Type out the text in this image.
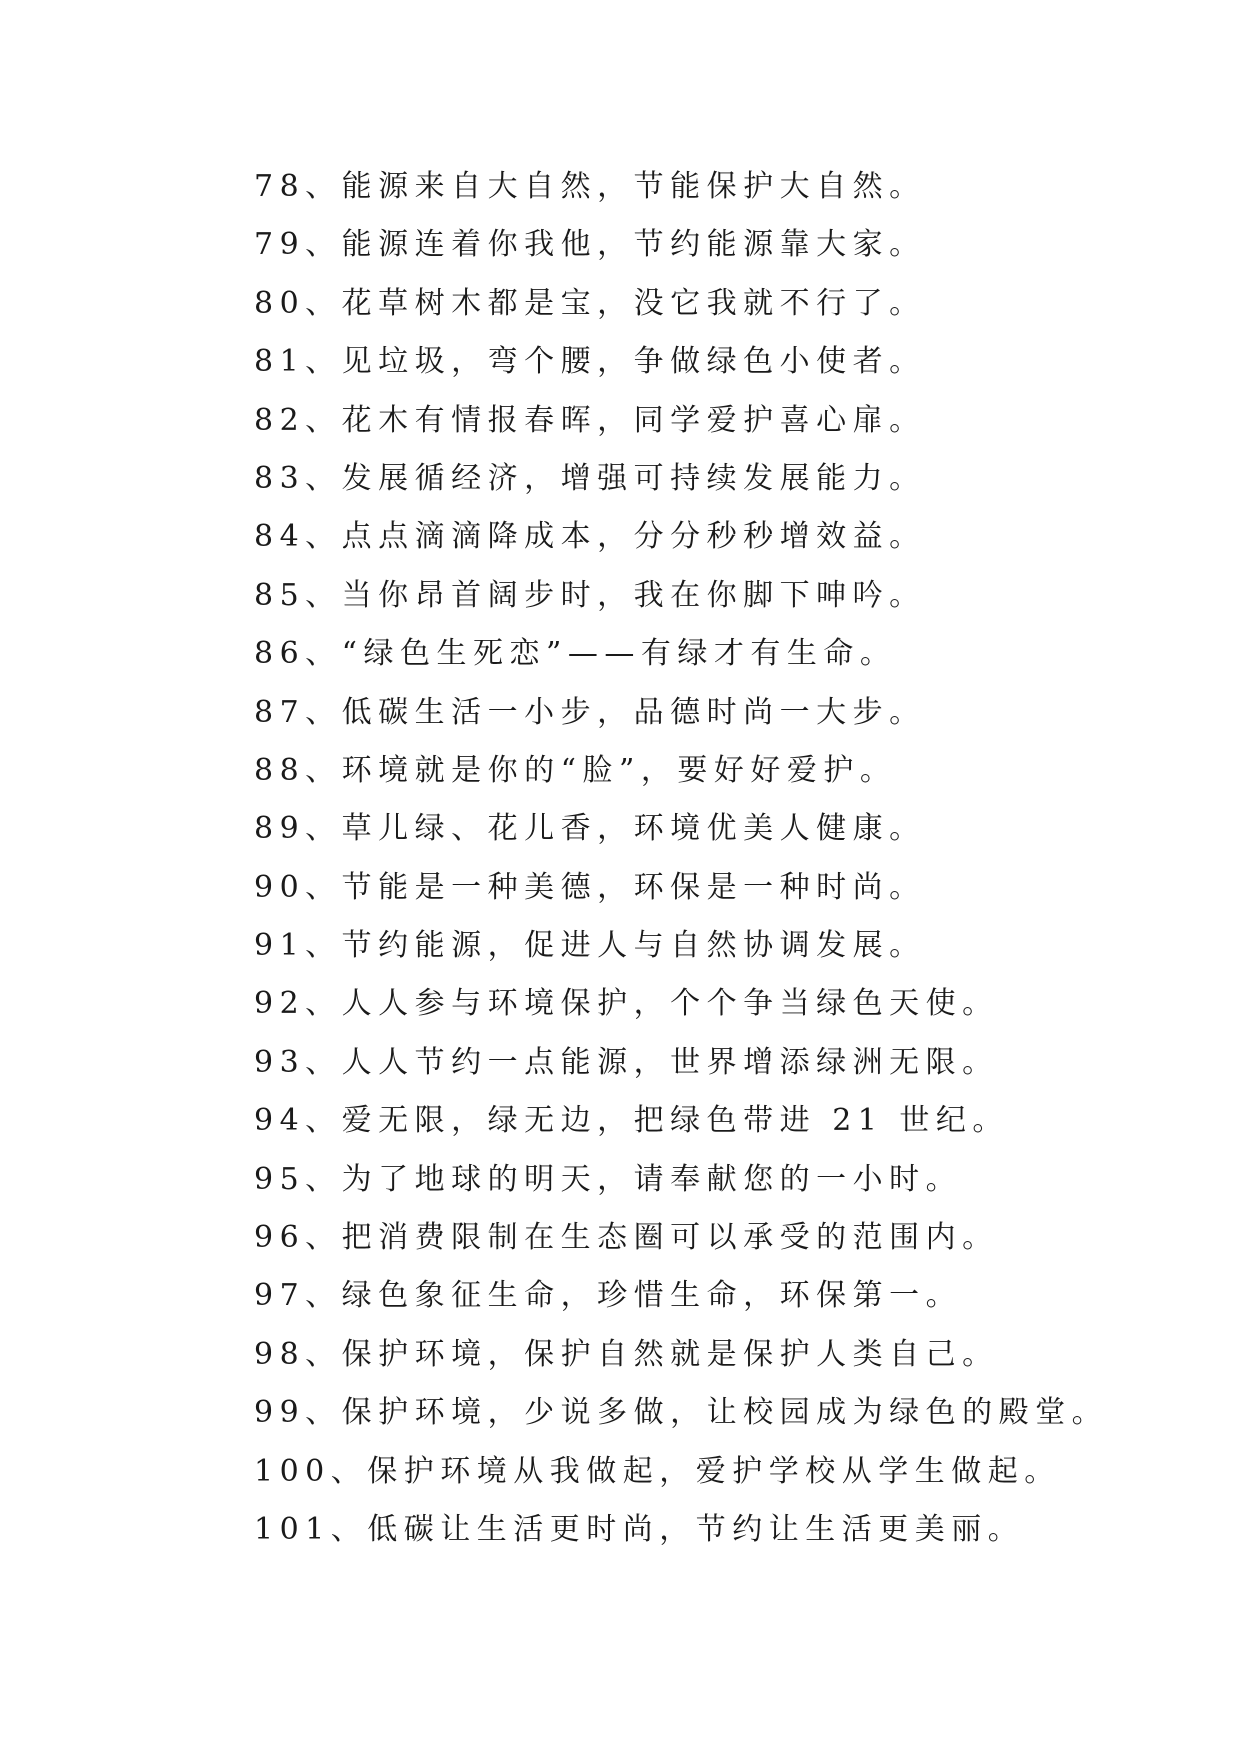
78、能源来自大自然，节能保护大自然。
79、能源连着你我他，节约能源靠大家。
80、花草树木都是宝，没它我就不行了。
81、见垃圾，弯个腰，争做绿色小使者。
82、花木有情报春晖，同学爱护喜心扉。
83、发展循经济，增强可持续发展能力。
84、点点滴滴降成本，分分秒秒增效益。
85、当你昂首阔步时，我在你脚下呻吟。
86、“绿色生死恋”——有绿才有生命。
87、低碳生活一小步，品德时尚一大步。
88、环境就是你的“脸”，要好好爱护。
89、草儿绿、花儿香，环境优美人健康。
90、节能是一种美德，环保是一种时尚。
91、节约能源，促进人与自然协调发展。
92、人人参与环境保护，个个争当绿色天使。
93、人人节约一点能源，世界增添绿洲无限。
94、爱无限，绿无边，把绿色带进 21 世纪。
95、为了地球的明天，请奉献您的一小时。
96、把消费限制在生态圈可以承受的范围内。
97、绿色象征生命，珍惜生命，环保第一。
98、保护环境，保护自然就是保护人类自己。
99、保护环境，少说多做，让校园成为绿色的殿堂。
100、保护环境从我做起，爱护学校从学生做起。
101、低碳让生活更时尚，节约让生活更美丽。
